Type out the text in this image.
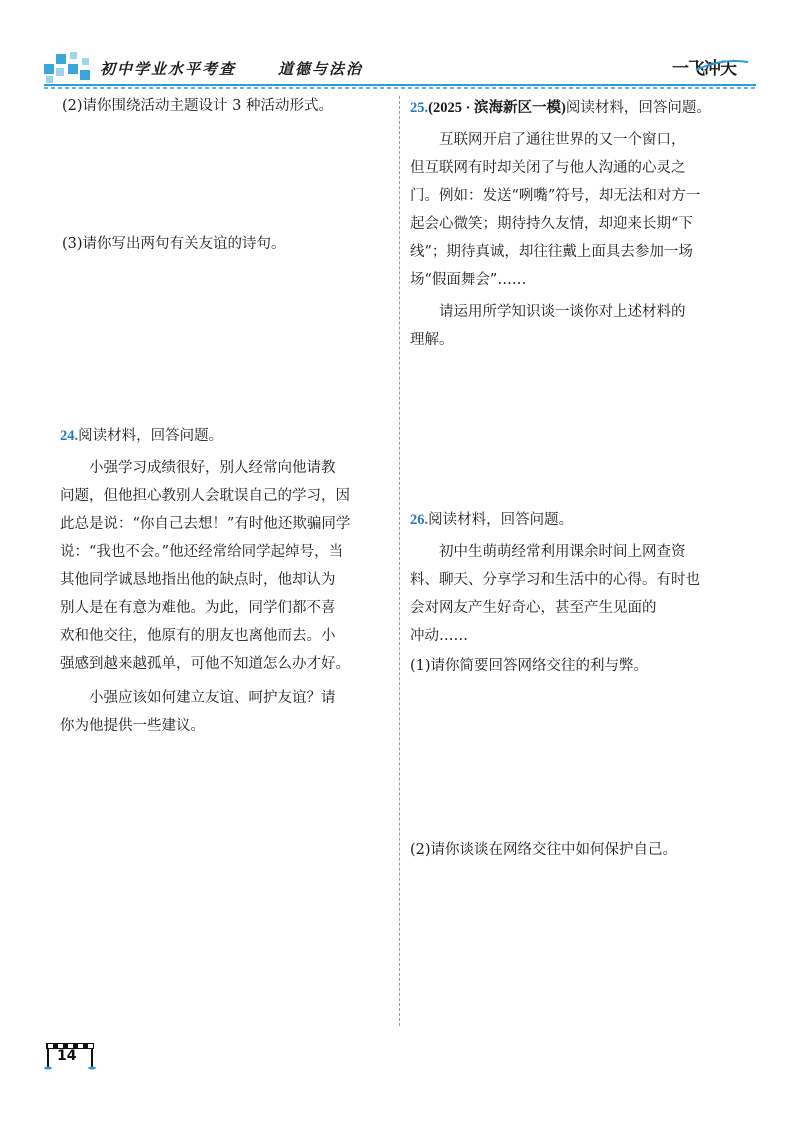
初中学业水平考查	道德与法治	一飞冲天
(2)请你围绕活动主题设计 3 种活动形式。
(3)请你写出两句有关友谊的诗句。
24.阅读材料，回答问题。
小强学习成绩很好，别人经常向他请教
问题，但他担心教别人会耽误自己的学习，因
此总是说：“你自己去想！”有时他还欺骗同学
说：“我也不会。”他还经常给同学起绰号，当
其他同学诚恳地指出他的缺点时，他却认为
别人是在有意为难他。为此，同学们都不喜
欢和他交往，他原有的朋友也离他而去。小
强感到越来越孤单，可他不知道怎么办才好。
小强应该如何建立友谊、呵护友谊？请
你为他提供一些建议。
25.(2025 · 滨海新区一模)阅读材料，回答问题。
互联网开启了通往世界的又一个窗口，
但互联网有时却关闭了与他人沟通的心灵之
门。例如：发送“咧嘴”符号，却无法和对方一
起会心微笑；期待持久友情，却迎来长期“下
线”；期待真诚，却往往戴上面具去参加一场
场“假面舞会”……
请运用所学知识谈一谈你对上述材料的
理解。
26.阅读材料，回答问题。
初中生萌萌经常利用课余时间上网查资
料、聊天、分享学习和生活中的心得。有时也
会对网友产生好奇心，甚至产生见面的
冲动……
(1)请你简要回答网络交往的利与弊。
(2)请你谈谈在网络交往中如何保护自己。
14
